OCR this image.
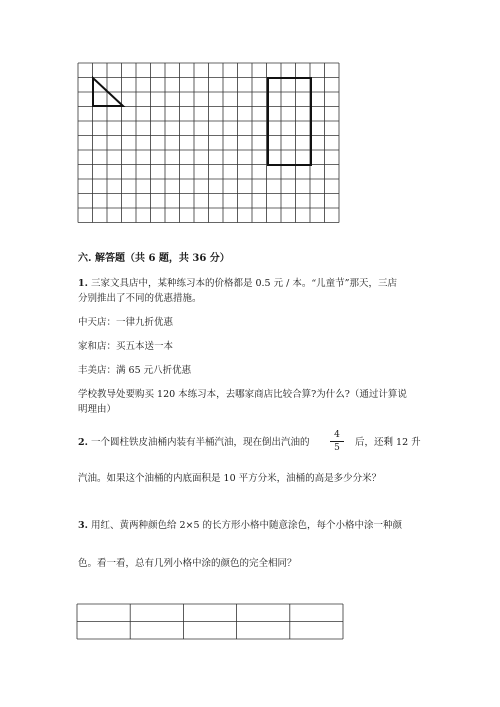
六. 解答题（共 6 题，共 36 分）

1. 三家文具店中，某种练习本的价格都是 0.5 元 / 本。“儿童节”那天，三店

分别推出了不同的优惠措施。

中天店：一律九折优惠

家和店：买五本送一本

丰美店：满 65 元八折优惠

学校教导处要购买 120 本练习本，去哪家商店比较合算?为什么?（通过计算说

明理由）

2. 一个圆柱铁皮油桶内装有半桶汽油，现在倒出汽油的

4
5	后，还剩 12 升

汽油。如果这个油桶的内底面积是 10 平方分米，油桶的高是多少分米？

3. 用红、黄两种颜色给 2×5 的长方形小格中随意涂色，每个小格中涂一种颜

色。看一看，总有几列小格中涂的颜色的完全相同？
